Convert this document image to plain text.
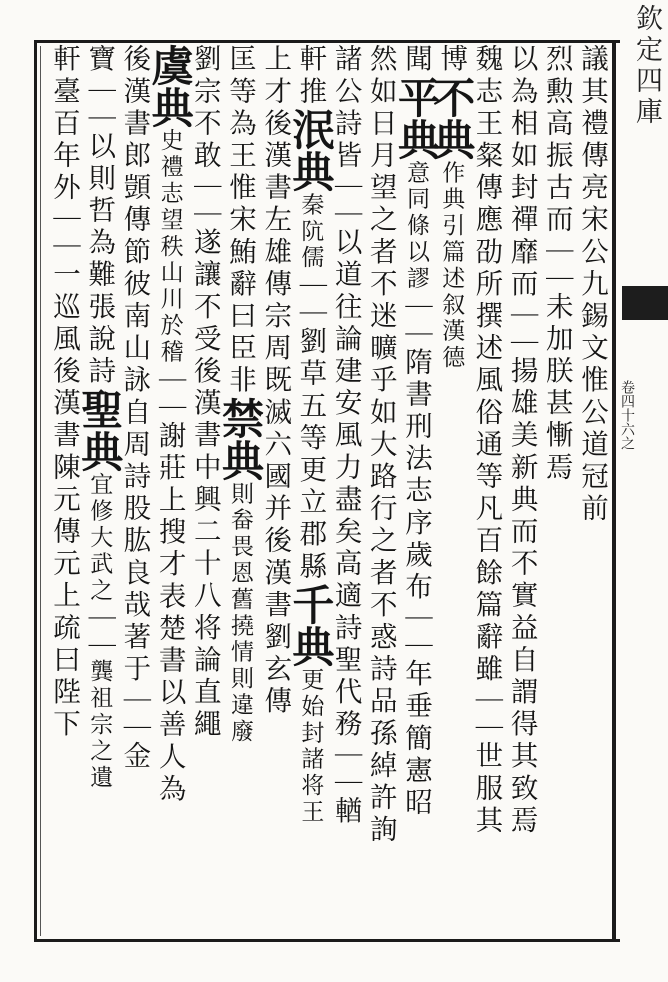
議其禮傳亮宋公九錫文惟公道冠前
烈勲高振古而｜｜未加朕甚慚焉
以為相如封禪靡而｜｜揚雄美新典而不實益自謂得其致焉
魏志王粲傳應劭所撰述風俗通等凡百餘篇辭雖｜｜世服其
博不典作典引篇述叙漢德
聞平典意同條以謬｜｜隋書刑法志序歲布｜｜年垂簡憲昭
然如日月望之者不迷曠乎如大路行之者不惑詩品孫綽許詢
諸公詩皆｜｜以道往論建安風力盡矣高適詩聖代務｜｜輶
軒推泯典秦阬儒｜｜劉草五等更立郡縣千典更始封諸将王
上才後漢書左雄傳宗周既滅六國并後漢書劉玄傳
匡等為王惟宋鮪辭曰臣非禁典則畚畏恩舊撓情則違廢
劉宗不敢｜｜遂讓不受後漢書中興二十八将論直繩
虞典史禮志望秩山川於稽｜｜謝莊上搜才表楚書以善人為
後漢書郎顗傳節彼南山詠自周詩股肱良哉著于｜｜金
寶｜｜以則哲為難張說詩聖典宜修大武之｜｜龔祖宗之遺
軒臺百年外｜｜一巡風後漢書陳元傳元上疏曰陛下
欽定四庫
卷四十六之
